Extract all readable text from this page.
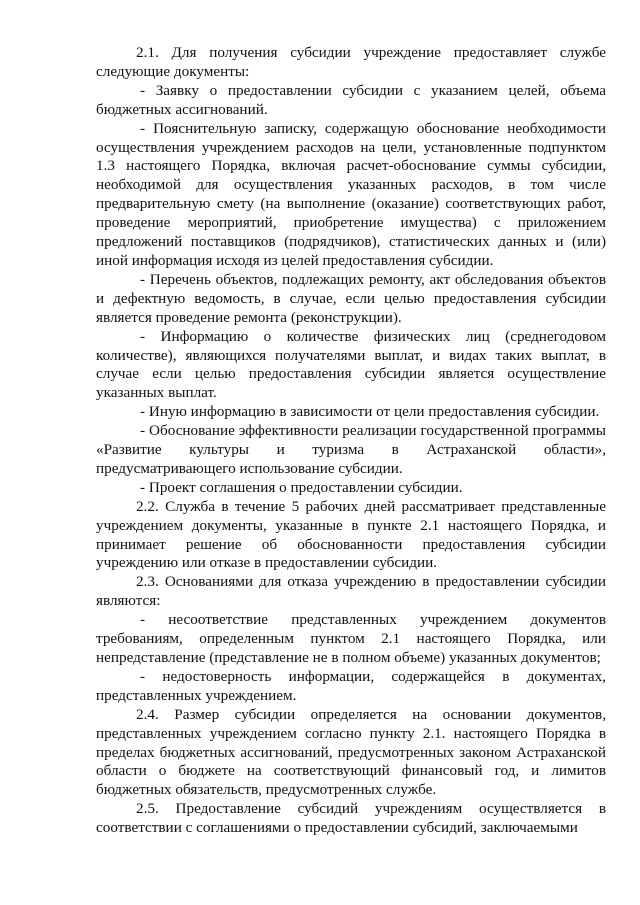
2.1. Для получения субсидии учреждение предоставляет службе следующие документы:

- Заявку о предоставлении субсидии с указанием целей, объема бюджетных ассигнований.

- Пояснительную записку, содержащую обоснование необходимости осуществления учреждением расходов на цели, установленные подпунктом 1.3 настоящего Порядка, включая расчет-обоснование суммы субсидии, необходимой для осуществления указанных расходов, в том числе предварительную смету (на выполнение (оказание) соответствующих работ, проведение мероприятий, приобретение имущества) с приложением предложений поставщиков (подрядчиков), статистических данных и (или) иной информация исходя из целей предоставления субсидии.

- Перечень объектов, подлежащих ремонту, акт обследования объектов и дефектную ведомость, в случае, если целью предоставления субсидии является проведение ремонта (реконструкции).

- Информацию о количестве физических лиц (среднегодовом количестве), являющихся получателями выплат, и видах таких выплат, в случае если целью предоставления субсидии является осуществление указанных выплат.

- Иную информацию в зависимости от цели предоставления субсидии.

- Обоснование эффективности реализации государственной программы «Развитие культуры и туризма в Астраханской области», предусматривающего использование субсидии.

- Проект соглашения о предоставлении субсидии.

2.2. Служба в течение 5 рабочих дней рассматривает представленные учреждением документы, указанные в пункте 2.1 настоящего Порядка, и принимает решение об обоснованности предоставления субсидии учреждению или отказе в предоставлении субсидии.

2.3. Основаниями для отказа учреждению в предоставлении субсидии являются:

- несоответствие представленных учреждением документов требованиям, определенным пунктом 2.1 настоящего Порядка, или непредставление (представление не в полном объеме) указанных документов;

- недостоверность информации, содержащейся в документах, представленных учреждением.

2.4. Размер субсидии определяется на основании документов, представленных учреждением согласно пункту 2.1. настоящего Порядка в пределах бюджетных ассигнований, предусмотренных законом Астраханской области о бюджете на соответствующий финансовый год, и лимитов бюджетных обязательств, предусмотренных службе.

2.5. Предоставление субсидий учреждениям осуществляется в соответствии с соглашениями о предоставлении субсидий, заключаемыми
